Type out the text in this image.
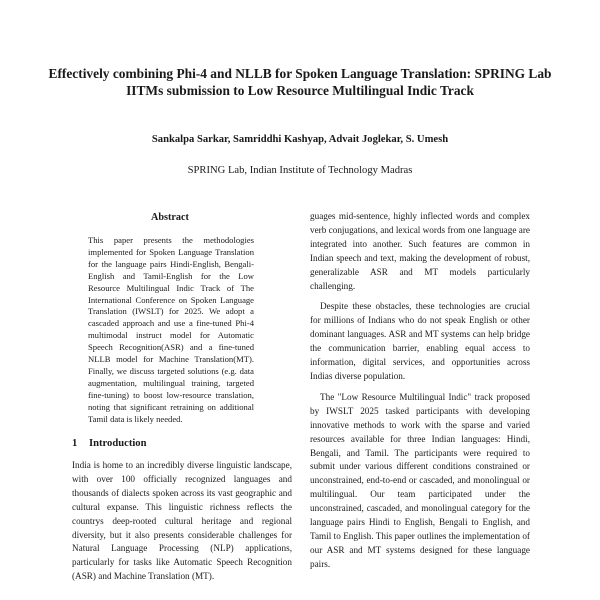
Effectively combining Phi-4 and NLLB for Spoken Language Translation: SPRING Lab IITMs submission to Low Resource Multilingual Indic Track
Sankalpa Sarkar, Samriddhi Kashyap, Advait Joglekar, S. Umesh
SPRING Lab, Indian Institute of Technology Madras
Abstract

This paper presents the methodologies implemented for Spoken Language Translation for the language pairs Hindi-English, Bengali-English and Tamil-English for the Low Resource Multilingual Indic Track of The International Conference on Spoken Language Translation (IWSLT) for 2025. We adopt a cascaded approach and use a fine-tuned Phi-4 multimodal instruct model for Automatic Speech Recognition(ASR) and a fine-tuned NLLB model for Machine Translation(MT). Finally, we discuss targeted solutions (e.g. data augmentation, multilingual training, targeted fine-tuning) to boost low-resource translation, noting that significant retraining on additional Tamil data is likely needed.

1 Introduction

India is home to an incredibly diverse linguistic landscape, with over 100 officially recognized languages and thousands of dialects spoken across its vast geographic and cultural expanse. This linguistic richness reflects the countrys deep-rooted cultural heritage and regional diversity, but it also presents considerable challenges for Natural Language Processing (NLP) applications, particularly for tasks like Automatic Speech Recognition (ASR) and Machine Translation (MT).

guages mid-sentence, highly inflected words and complex verb conjugations, and lexical words from one language are integrated into another. Such features are common in Indian speech and text, making the development of robust, generalizable ASR and MT models particularly challenging.

Despite these obstacles, these technologies are crucial for millions of Indians who do not speak English or other dominant languages. ASR and MT systems can help bridge the communication barrier, enabling equal access to information, digital services, and opportunities across Indias diverse population.

The "Low Resource Multilingual Indic" track proposed by IWSLT 2025 tasked participants with developing innovative methods to work with the sparse and varied resources available for three Indian languages: Hindi, Bengali, and Tamil. The participants were required to submit under various different conditions constrained or unconstrained, end-to-end or cascaded, and monolingual or multilingual. Our team participated under the unconstrained, cascaded, and monolingual category for the language pairs Hindi to English, Bengali to English, and Tamil to English. This paper outlines the implementation of our ASR and MT systems designed for these language pairs.
